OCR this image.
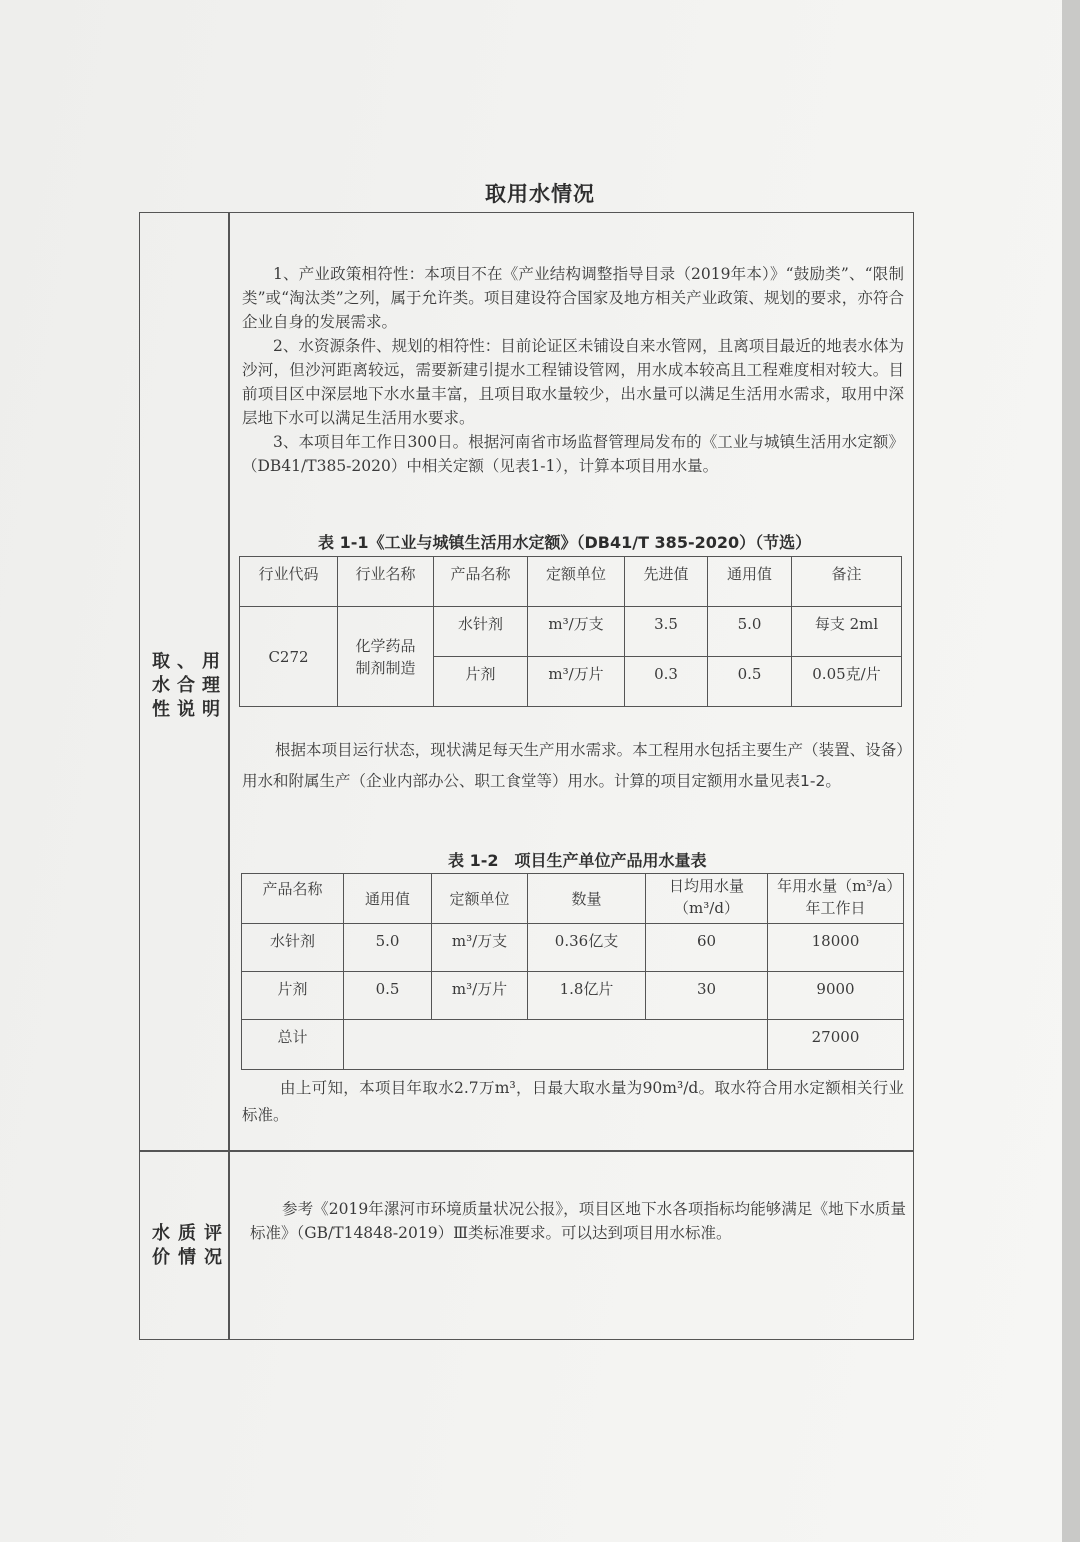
取用水情况
取、用
水合理
性说明

1、产业政策相符性：本项目不在《产业结构调整指导目录（2019年本）》“鼓励类”、“限制类”或“淘汰类”之列，属于允许类。项目建设符合国家及地方相关产业政策、规划的要求，亦符合企业自身的发展需求。

2、水资源条件、规划的相符性：目前论证区未铺设自来水管网，且离项目最近的地表水体为沙河，但沙河距离较远，需要新建引提水工程铺设管网，用水成本较高且工程难度相对较大。目前项目区中深层地下水水量丰富，且项目取水量较少，出水量可以满足生活用水需求，取用中深层地下水可以满足生活用水要求。

3、本项目年工作日300日。根据河南省市场监督管理局发布的《工业与城镇生活用水定额》（DB41/T385-2020）中相关定额（见表1-1），计算本项目用水量。

表 1-1《工业与城镇生活用水定额》（DB41/T 385-2020）（节选）
行业代码	行业名称	产品名称	定额单位	先进值	通用值	备注
C272	化学药品制剂制造	水针剂	m³/万支	3.5	5.0	每支 2ml
		片剂	m³/万片	0.3	0.5	0.05克/片

根据本项目运行状态，现状满足每天生产用水需求。本工程用水包括主要生产（装置、设备）用水和附属生产（企业内部办公、职工食堂等）用水。计算的项目定额用水量见表1-2。

表 1-2　项目生产单位产品用水量表
产品名称	通用值	定额单位	数量	日均用水量（m³/d）	年用水量（m³/a）年工作日
水针剂	5.0	m³/万支	0.36亿支	60	18000
片剂	0.5	m³/万片	1.8亿片	30	9000
总计					27000

由上可知，本项目年取水2.7万m³，日最大取水量为90m³/d。取水符合用水定额相关行业标准。

水质评
价情况

参考《2019年漯河市环境质量状况公报》，项目区地下水各项指标均能够满足《地下水质量标准》（GB/T14848-2019）Ⅲ类标准要求。可以达到项目用水标准。
